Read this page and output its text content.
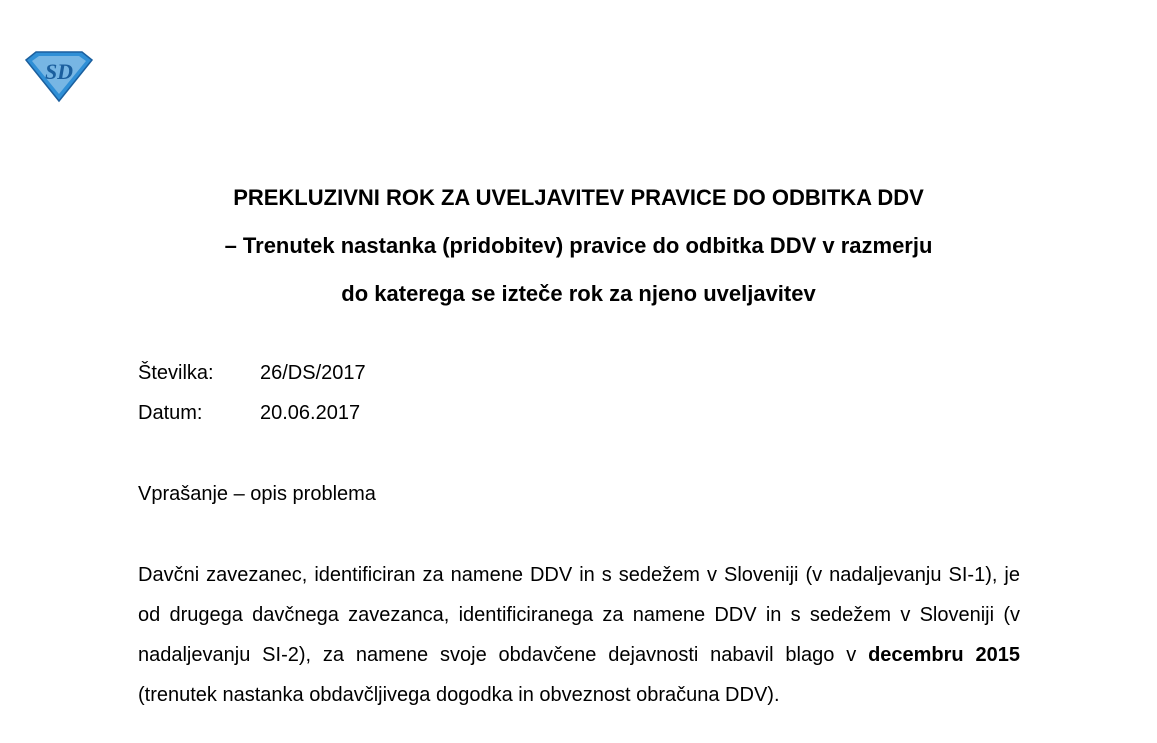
SD
PREKLUZIVNI ROK ZA UVELJAVITEV PRAVICE DO ODBITKA DDV
– Trenutek nastanka (pridobitev) pravice do odbitka DDV v razmerju
do katerega se izteče rok za njeno uveljavitev
Številka:	26/DS/2017
Datum:	20.06.2017
Vprašanje – opis problema
Davčni zavezanec, identificiran za namene DDV in s sedežem v Sloveniji (v nadaljevanju SI-1), je od drugega davčnega zavezanca, identificiranega za namene DDV in s sedežem v Sloveniji (v nadaljevanju SI-2), za namene svoje obdavčene dejavnosti nabavil blago v decembru 2015 (trenutek nastanka obdavčljivega dogodka in obveznost obračuna DDV).
